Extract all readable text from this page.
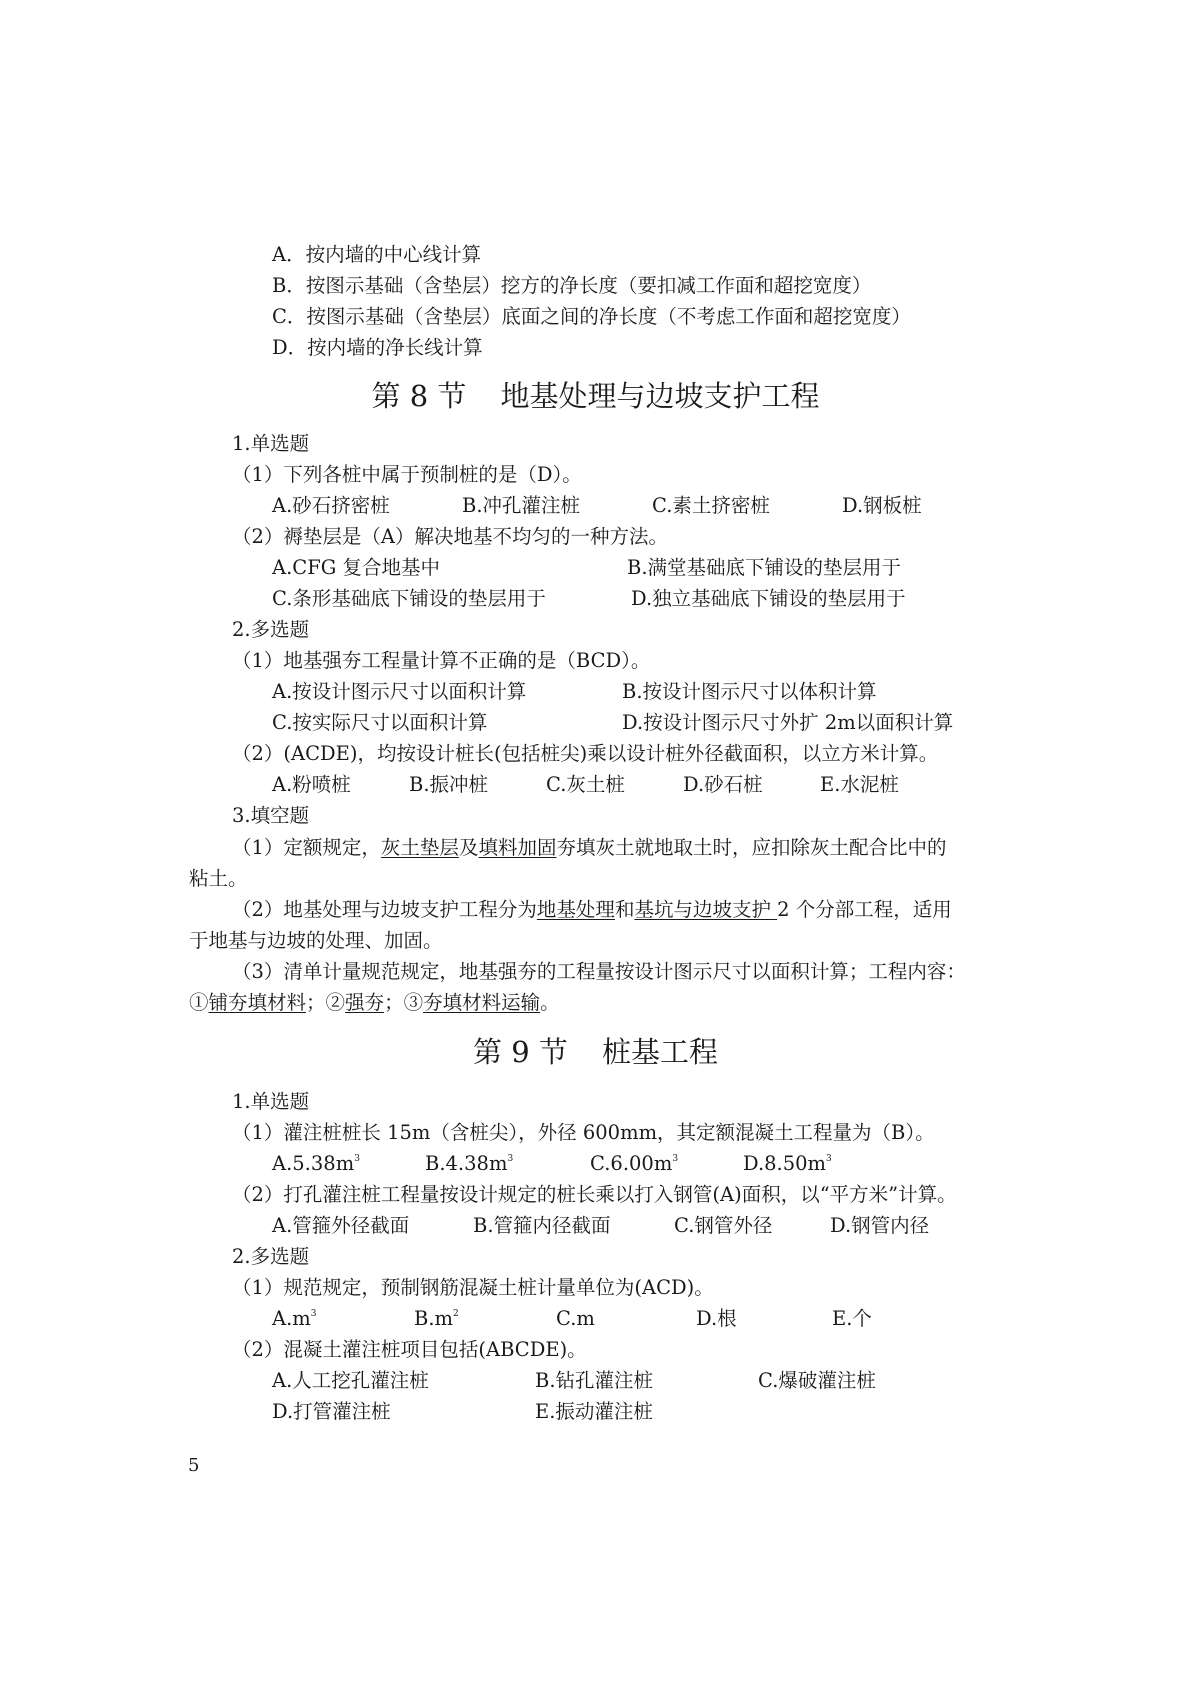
A．按内墙的中心线计算
B．按图示基础（含垫层）挖方的净长度（要扣减工作面和超挖宽度）
C．按图示基础（含垫层）底面之间的净长度（不考虑工作面和超挖宽度）
D．按内墙的净长线计算
第 8 节 地基处理与边坡支护工程
1.单选题
（1）下列各桩中属于预制桩的是（D）。
A.砂石挤密桩	B.冲孔灌注桩	C.素土挤密桩	D.钢板桩
（2）褥垫层是（A）解决地基不均匀的一种方法。
A.CFG 复合地基中	B.满堂基础底下铺设的垫层用于
C.条形基础底下铺设的垫层用于	D.独立基础底下铺设的垫层用于
2.多选题
（1）地基强夯工程量计算不正确的是（BCD）。
A.按设计图示尺寸以面积计算	B.按设计图示尺寸以体积计算
C.按实际尺寸以面积计算	D.按设计图示尺寸外扩 2m以面积计算
（2）(ACDE)，均按设计桩长(包括桩尖)乘以设计桩外径截面积，以立方米计算。
A.粉喷桩	B.振冲桩	C.灰土桩	D.砂石桩	E.水泥桩
3.填空题
（1）定额规定，灰土垫层及填料加固夯填灰土就地取土时，应扣除灰土配合比中的
粘土。
（2）地基处理与边坡支护工程分为地基处理和基坑与边坡支护 2 个分部工程，适用
于地基与边坡的处理、加固。
（3）清单计量规范规定，地基强夯的工程量按设计图示尺寸以面积计算；工程内容：
①铺夯填材料；②强夯；③夯填材料运输。
第 9 节 桩基工程
1.单选题
（1）灌注桩桩长 15m（含桩尖），外径 600mm，其定额混凝土工程量为（B）。
$A.5.38m^3$	$B.4.38m^3$	$C.6.00m^3$	$D.8.50m^3$
（2）打孔灌注桩工程量按设计规定的桩长乘以打入钢管(A)面积，以“平方米”计算。
A.管箍外径截面	B.管箍内径截面	C.钢管外径	D.钢管内径
2.多选题
（1）规范规定，预制钢筋混凝土桩计量单位为(ACD)。
$A.m^3$	$B.m^2$	C.m	D.根	E.个
（2）混凝土灌注桩项目包括(ABCDE)。
A.人工挖孔灌注桩	B.钻孔灌注桩	C.爆破灌注桩
D.打管灌注桩	E.振动灌注桩
5
